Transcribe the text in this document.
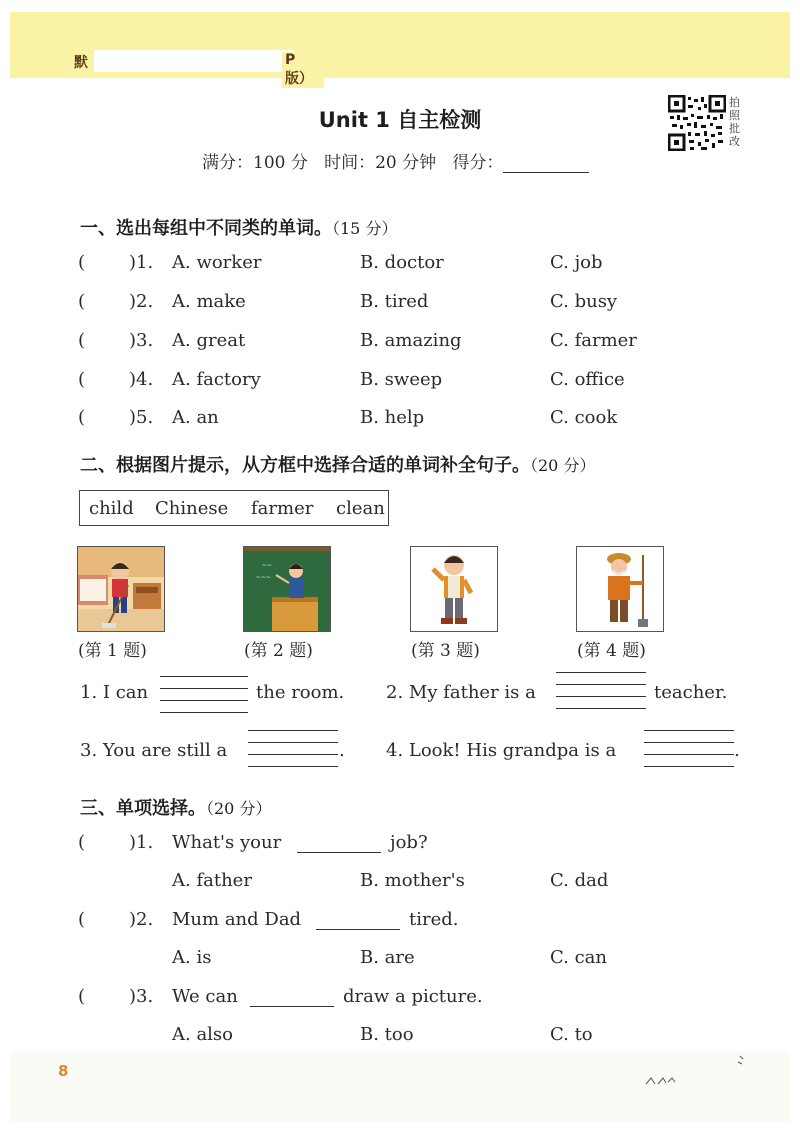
默	P 版）
Unit 1 自主检测
拍照批改
满分：100 分 时间：20 分钟 得分：
一、选出每组中不同类的单词。（15 分）
( )1. A. worker	B. doctor	C. job
( )2. A. make	B. tired	C. busy
( )3. A. great	B. amazing	C. farmer
( )4. A. factory	B. sweep	C. office
( )5. A. an	B. help	C. cook
二、根据图片提示，从方框中选择合适的单词补全句子。（20 分）
child Chinese farmer clean
~~
~~~
(第 1 题)	(第 2 题)	(第 3 题)	(第 4 题)
1. I can	the room. 2. My father is a	teacher.
3. You are still a	. 4. Look! His grandpa is a	.
三、单项选择。（20 分）
( )1. What's your	job?
A. father	B. mother's	C. dad
( )2. Mum and Dad	tired.
A. is	B. are	C. can
( )3. We can	draw a picture.
A. also	B. too	C. to
8
